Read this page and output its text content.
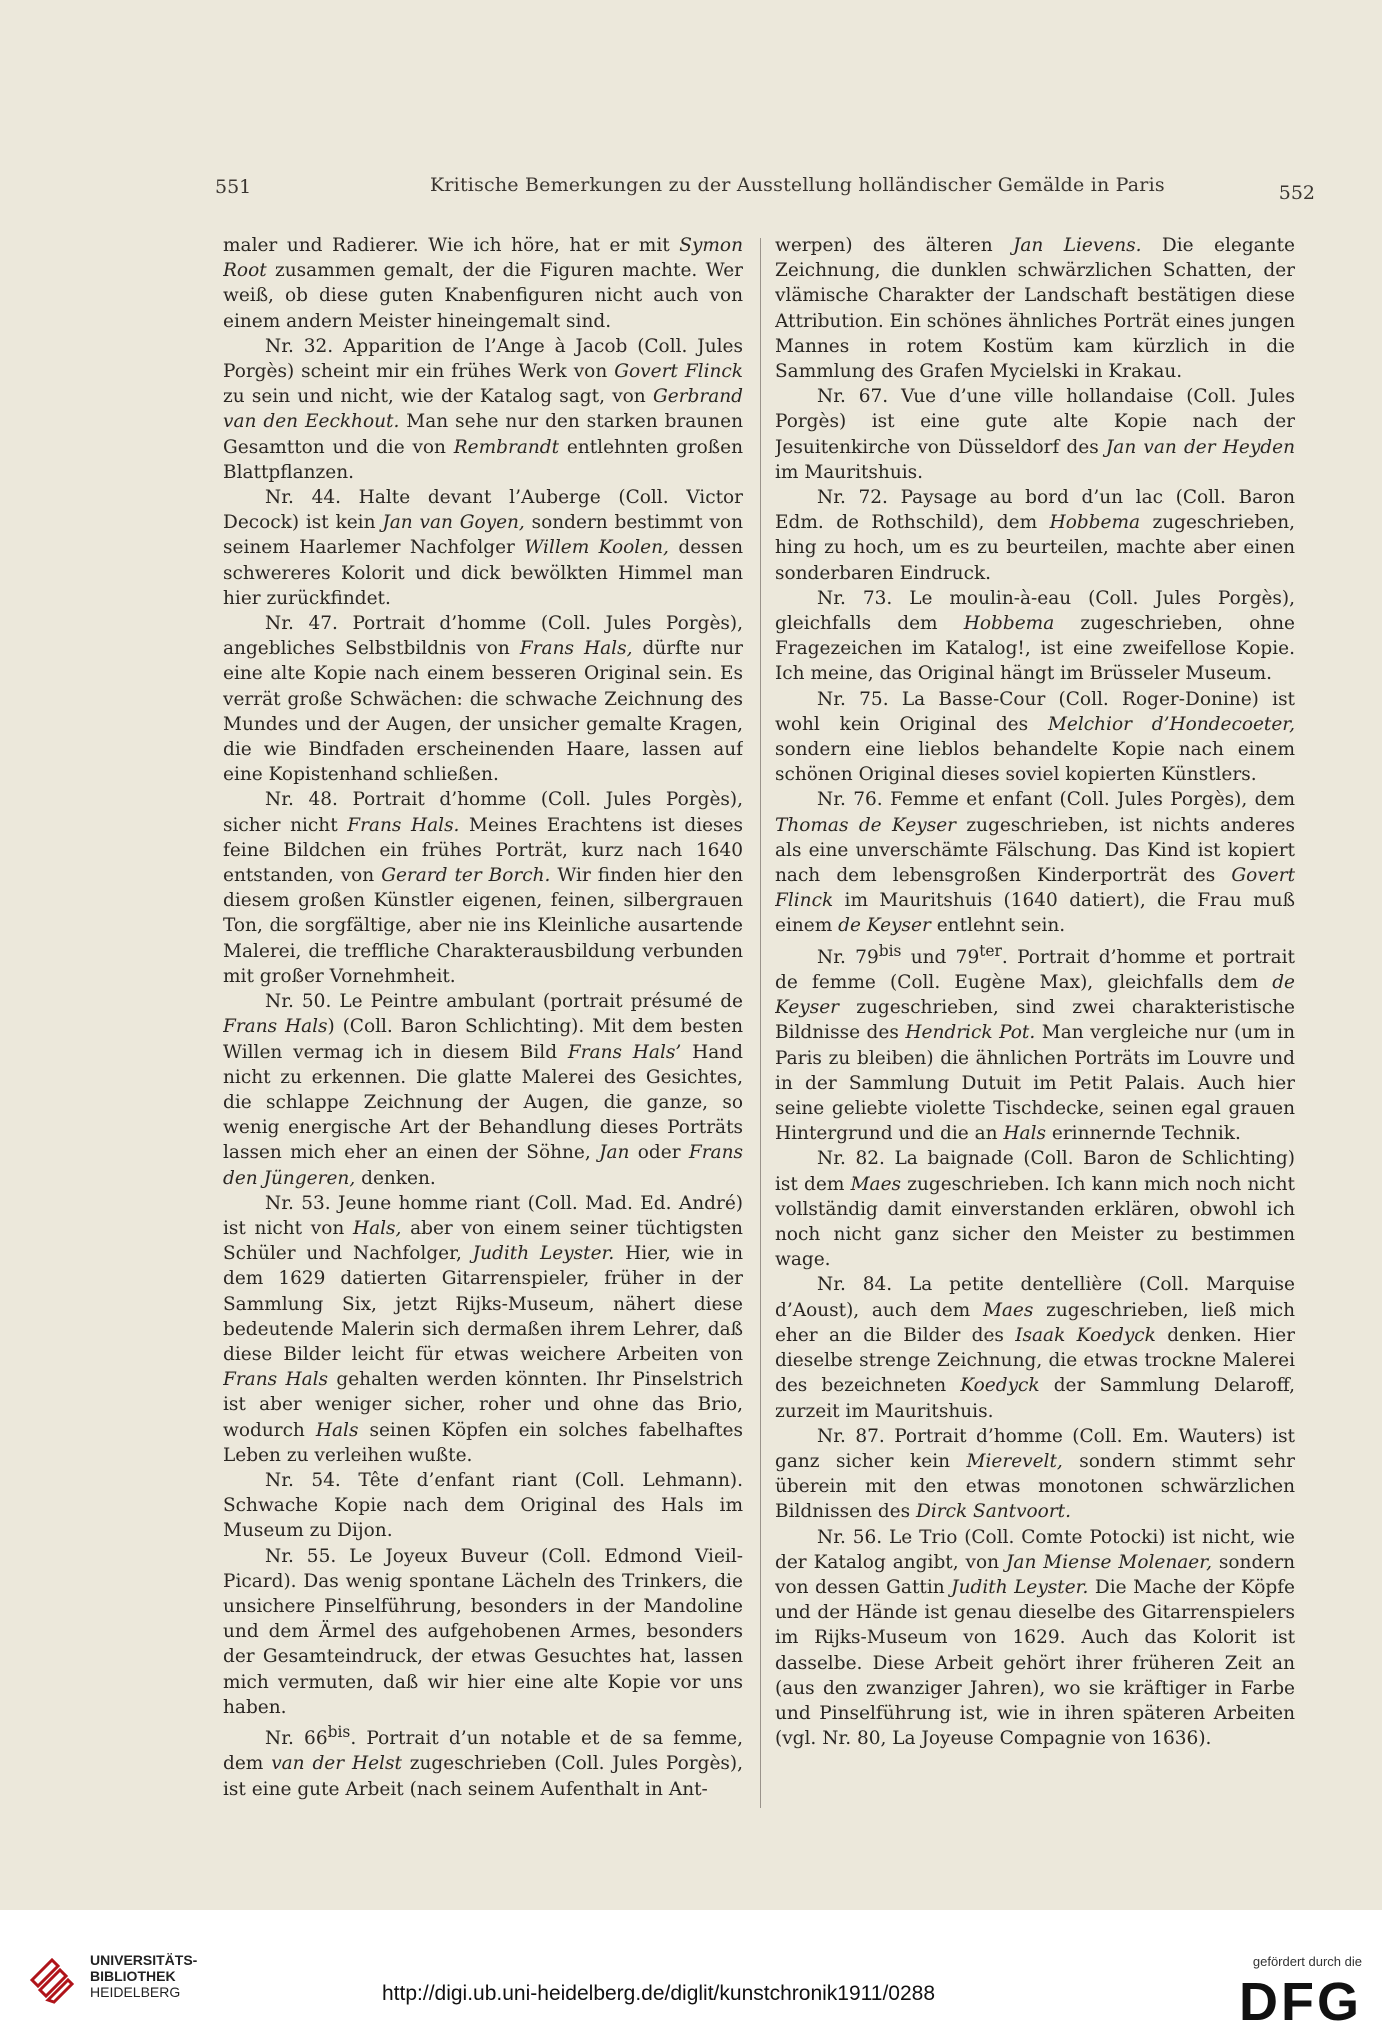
551	Kritische Bemerkungen zu der Ausstellung holländischer Gemälde in Paris	552

maler und Radierer. Wie ich höre, hat er mit Symon Root zusammen gemalt, der die Figuren machte. Wer weiß, ob diese guten Knabenfiguren nicht auch von einem andern Meister hineingemalt sind.

Nr. 32. Apparition de l’Ange à Jacob (Coll. Jules Porgès) scheint mir ein frühes Werk von Govert Flinck zu sein und nicht, wie der Katalog sagt, von Gerbrand van den Eeckhout. Man sehe nur den starken braunen Gesamtton und die von Rembrandt entlehnten großen Blattpflanzen.

Nr. 44. Halte devant l’Auberge (Coll. Victor Decock) ist kein Jan van Goyen, sondern bestimmt von seinem Haarlemer Nachfolger Willem Koolen, dessen schwereres Kolorit und dick bewölkten Himmel man hier zurückfindet.

Nr. 47. Portrait d’homme (Coll. Jules Porgès), angebliches Selbstbildnis von Frans Hals, dürfte nur eine alte Kopie nach einem besseren Original sein. Es verrät große Schwächen: die schwache Zeichnung des Mundes und der Augen, der unsicher gemalte Kragen, die wie Bindfaden erscheinenden Haare, lassen auf eine Kopistenhand schließen.

Nr. 48. Portrait d’homme (Coll. Jules Porgès), sicher nicht Frans Hals. Meines Erachtens ist dieses feine Bildchen ein frühes Porträt, kurz nach 1640 entstanden, von Gerard ter Borch. Wir finden hier den diesem großen Künstler eigenen, feinen, silbergrauen Ton, die sorgfältige, aber nie ins Kleinliche ausartende Malerei, die treffliche Charakterausbildung verbunden mit großer Vornehmheit.

Nr. 50. Le Peintre ambulant (portrait présumé de Frans Hals) (Coll. Baron Schlichting). Mit dem besten Willen vermag ich in diesem Bild Frans Hals’ Hand nicht zu erkennen. Die glatte Malerei des Gesichtes, die schlappe Zeichnung der Augen, die ganze, so wenig energische Art der Behandlung dieses Porträts lassen mich eher an einen der Söhne, Jan oder Frans den Jüngeren, denken.

Nr. 53. Jeune homme riant (Coll. Mad. Ed. André) ist nicht von Hals, aber von einem seiner tüchtigsten Schüler und Nachfolger, Judith Leyster. Hier, wie in dem 1629 datierten Gitarrenspieler, früher in der Sammlung Six, jetzt Rijks-Museum, nähert diese bedeutende Malerin sich dermaßen ihrem Lehrer, daß diese Bilder leicht für etwas weichere Arbeiten von Frans Hals gehalten werden könnten. Ihr Pinselstrich ist aber weniger sicher, roher und ohne das Brio, wodurch Hals seinen Köpfen ein solches fabelhaftes Leben zu verleihen wußte.

Nr. 54. Tête d’enfant riant (Coll. Lehmann). Schwache Kopie nach dem Original des Hals im Museum zu Dijon.

Nr. 55. Le Joyeux Buveur (Coll. Edmond Vieil-Picard). Das wenig spontane Lächeln des Trinkers, die unsichere Pinselführung, besonders in der Mandoline und dem Ärmel des aufgehobenen Armes, besonders der Gesamteindruck, der etwas Gesuchtes hat, lassen mich vermuten, daß wir hier eine alte Kopie vor uns haben.

Nr. $66^{bis}$. Portrait d’un notable et de sa femme, dem van der Helst zugeschrieben (Coll. Jules Porgès), ist eine gute Arbeit (nach seinem Aufenthalt in Ant-

werpen) des älteren Jan Lievens. Die elegante Zeichnung, die dunklen schwärzlichen Schatten, der vlämische Charakter der Landschaft bestätigen diese Attribution. Ein schönes ähnliches Porträt eines jungen Mannes in rotem Kostüm kam kürzlich in die Sammlung des Grafen Mycielski in Krakau.

Nr. 67. Vue d’une ville hollandaise (Coll. Jules Porgès) ist eine gute alte Kopie nach der Jesuitenkirche von Düsseldorf des Jan van der Heyden im Mauritshuis.

Nr. 72. Paysage au bord d’un lac (Coll. Baron Edm. de Rothschild), dem Hobbema zugeschrieben, hing zu hoch, um es zu beurteilen, machte aber einen sonderbaren Eindruck.

Nr. 73. Le moulin-à-eau (Coll. Jules Porgès), gleichfalls dem Hobbema zugeschrieben, ohne Fragezeichen im Katalog!, ist eine zweifellose Kopie. Ich meine, das Original hängt im Brüsseler Museum.

Nr. 75. La Basse-Cour (Coll. Roger-Donine) ist wohl kein Original des Melchior d’Hondecoeter, sondern eine lieblos behandelte Kopie nach einem schönen Original dieses soviel kopierten Künstlers.

Nr. 76. Femme et enfant (Coll. Jules Porgès), dem Thomas de Keyser zugeschrieben, ist nichts anderes als eine unverschämte Fälschung. Das Kind ist kopiert nach dem lebensgroßen Kinderporträt des Govert Flinck im Mauritshuis (1640 datiert), die Frau muß einem de Keyser entlehnt sein.

Nr. $79^{bis}$ und $79^{ter}$. Portrait d’homme et portrait de femme (Coll. Eugène Max), gleichfalls dem de Keyser zugeschrieben, sind zwei charakteristische Bildnisse des Hendrick Pot. Man vergleiche nur (um in Paris zu bleiben) die ähnlichen Porträts im Louvre und in der Sammlung Dutuit im Petit Palais. Auch hier seine geliebte violette Tischdecke, seinen egal grauen Hintergrund und die an Hals erinnernde Technik.

Nr. 82. La baignade (Coll. Baron de Schlichting) ist dem Maes zugeschrieben. Ich kann mich noch nicht vollständig damit einverstanden erklären, obwohl ich noch nicht ganz sicher den Meister zu bestimmen wage.

Nr. 84. La petite dentellière (Coll. Marquise d’Aoust), auch dem Maes zugeschrieben, ließ mich eher an die Bilder des Isaak Koedyck denken. Hier dieselbe strenge Zeichnung, die etwas trockne Malerei des bezeichneten Koedyck der Sammlung Delaroff, zurzeit im Mauritshuis.

Nr. 87. Portrait d’homme (Coll. Em. Wauters) ist ganz sicher kein Mierevelt, sondern stimmt sehr überein mit den etwas monotonen schwärzlichen Bildnissen des Dirck Santvoort.

Nr. 56. Le Trio (Coll. Comte Potocki) ist nicht, wie der Katalog angibt, von Jan Miense Molenaer, sondern von dessen Gattin Judith Leyster. Die Mache der Köpfe und der Hände ist genau dieselbe des Gitarrenspielers im Rijks-Museum von 1629. Auch das Kolorit ist dasselbe. Diese Arbeit gehört ihrer früheren Zeit an (aus den zwanziger Jahren), wo sie kräftiger in Farbe und Pinselführung ist, wie in ihren späteren Arbeiten (vgl. Nr. 80, La Joyeuse Compagnie von 1636).

UNIVERSITÄTS-
BIBLIOTHEK
HEIDELBERG	http://digi.ub.uni-heidelberg.de/diglit/kunstchronik1911/0288
gefördert durch die
DFG
